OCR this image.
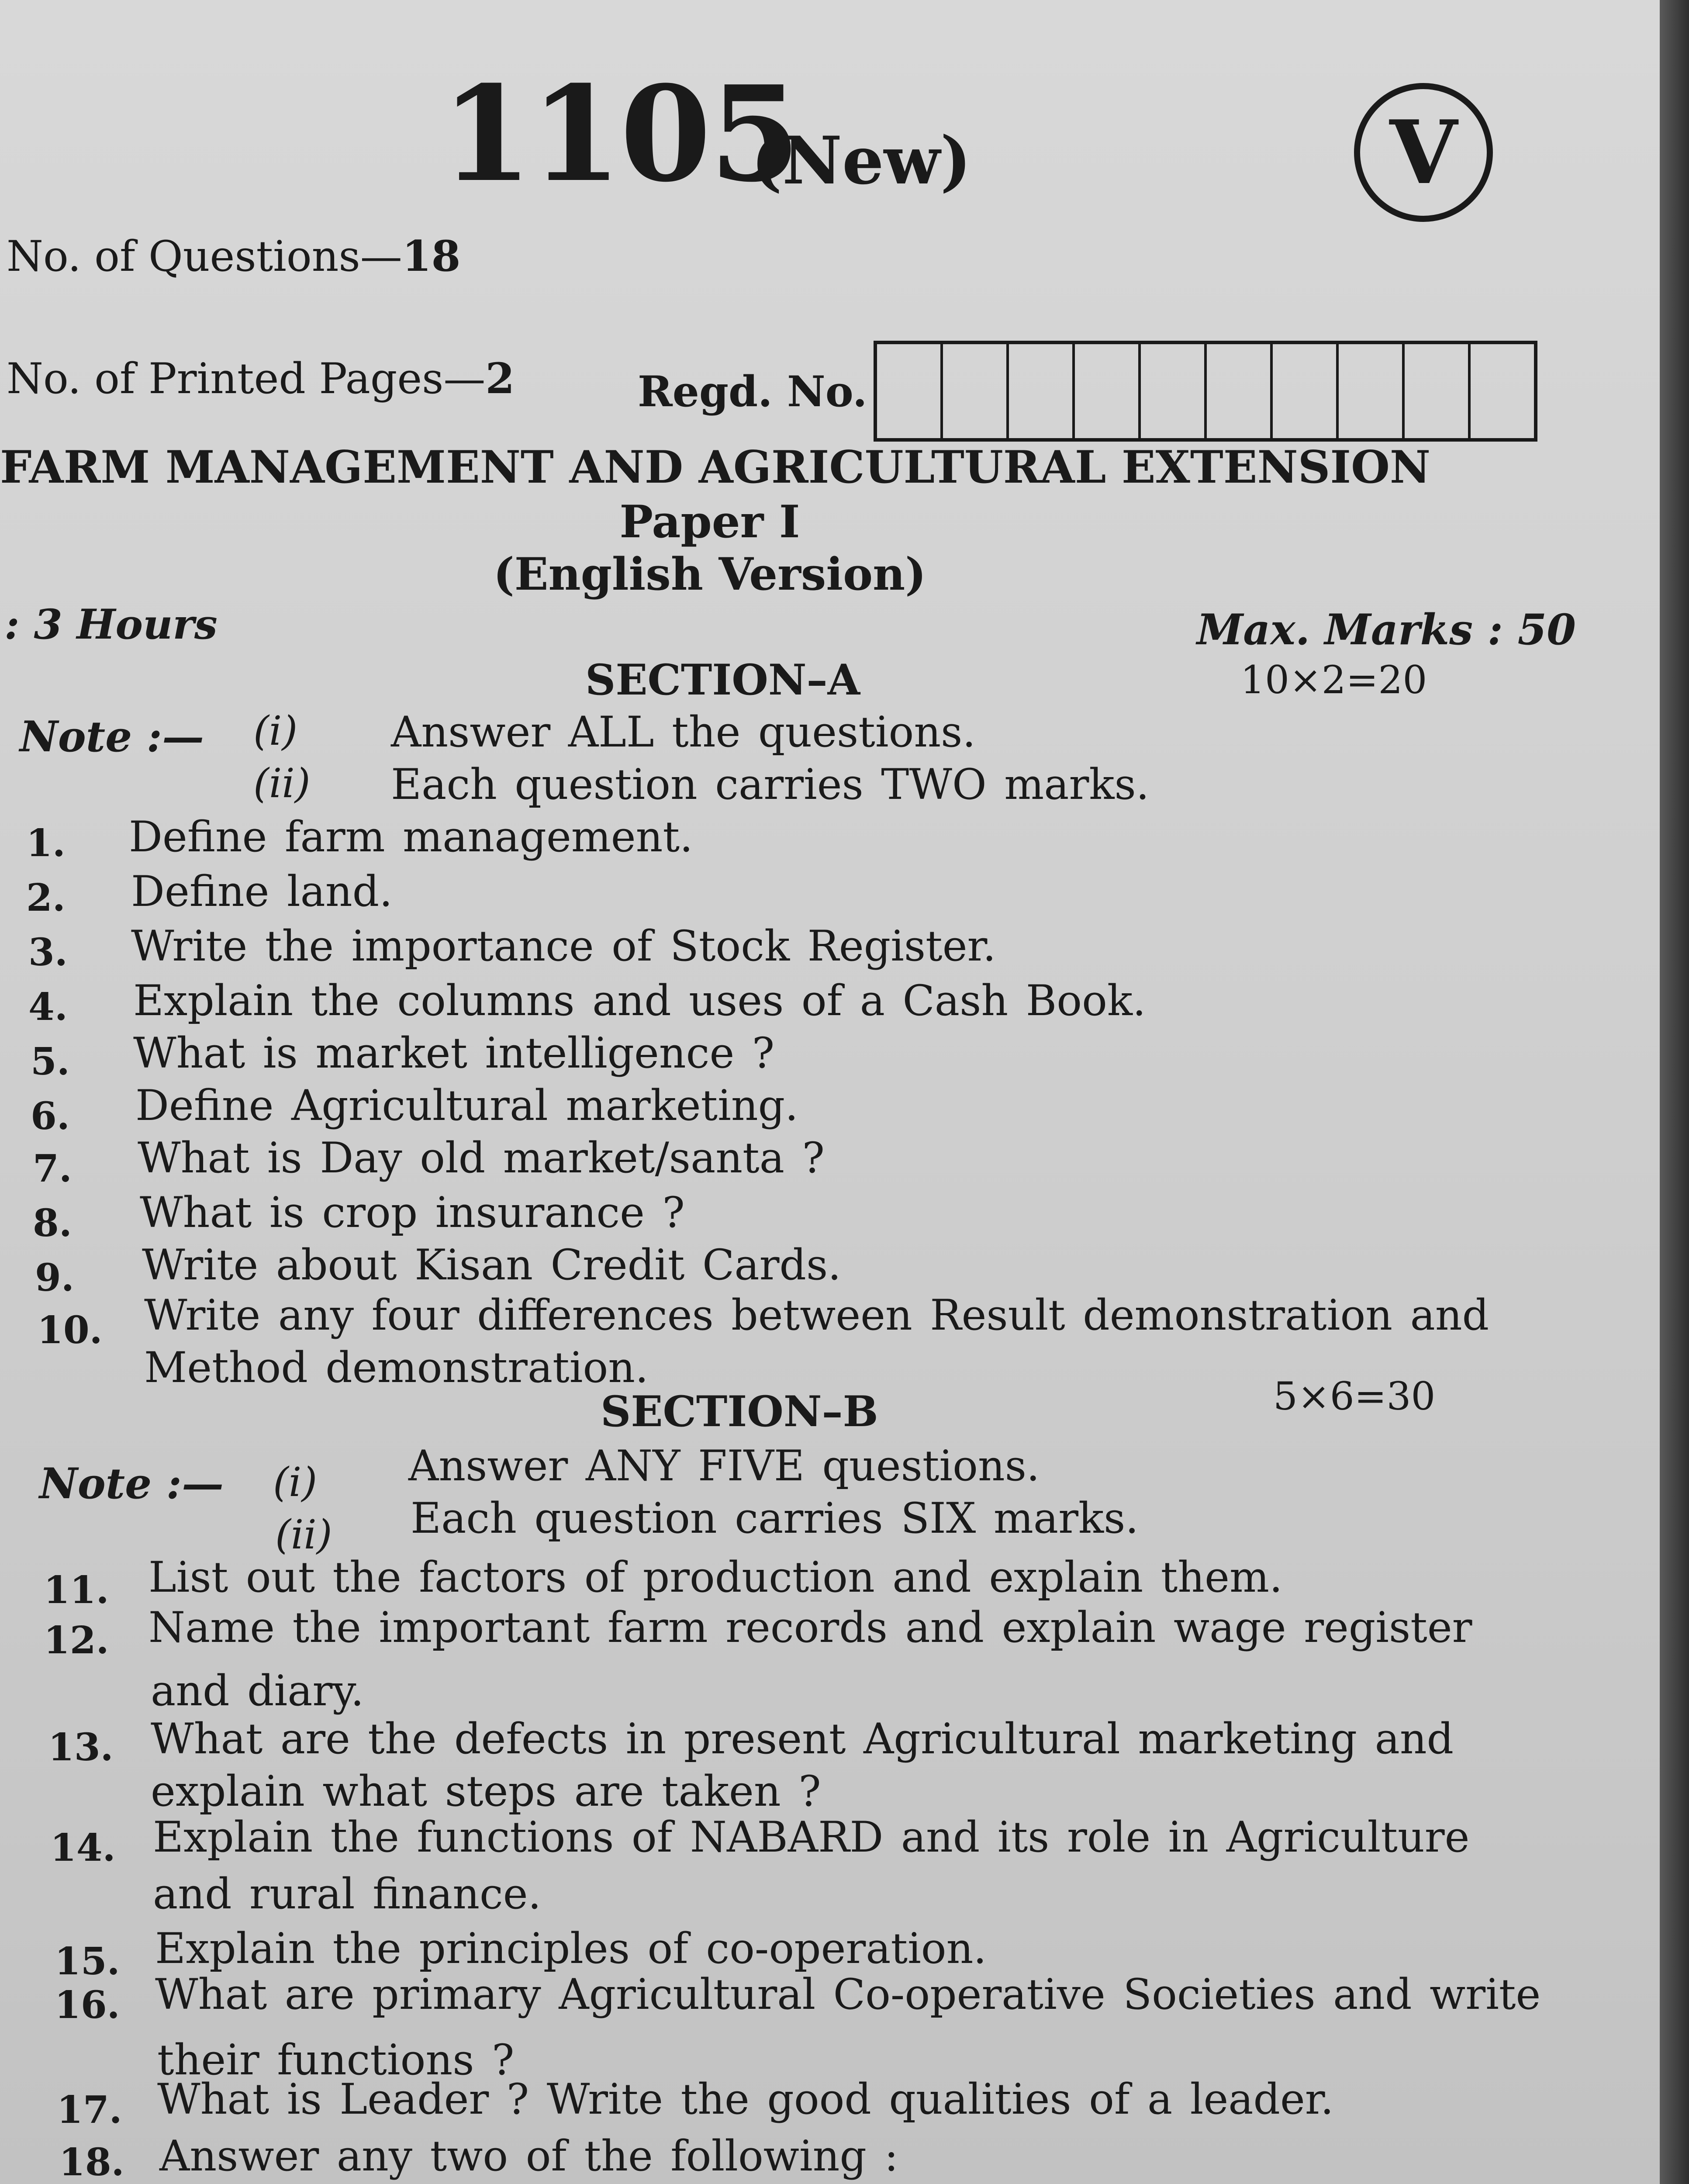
1105
(New)	V
No. of Questions—18
No. of Printed Pages—2	Regd. No.
FARM MANAGEMENT AND AGRICULTURAL EXTENSION
Paper I
(English Version)
: 3 Hours	Max. Marks : 50
SECTION–A	10×2=20
Note :— (i) Answer ALL the questions.
(ii) Each question carries TWO marks.
1. Define farm management.
2. Define land.
3. Write the importance of Stock Register.
4. Explain the columns and uses of a Cash Book.
5. What is market intelligence ?
6. Define Agricultural marketing.
7. What is Day old market/santa ?
8. What is crop insurance ?
9. Write about Kisan Credit Cards.
10. Write any four differences between Result demonstration and
Method demonstration.
SECTION–B	5×6=30
Note :— (i) Answer ANY FIVE questions.
(ii) Each question carries SIX marks.
11. List out the factors of production and explain them.
12. Name the important farm records and explain wage register
and diary.
13. What are the defects in present Agricultural marketing and
explain what steps are taken ?
14. Explain the functions of NABARD and its role in Agriculture
and rural finance.
15. Explain the principles of co-operation.
16. What are primary Agricultural Co-operative Societies and write
their functions ?
17. What is Leader ? Write the good qualities of a leader.
18. Answer any two of the following :
